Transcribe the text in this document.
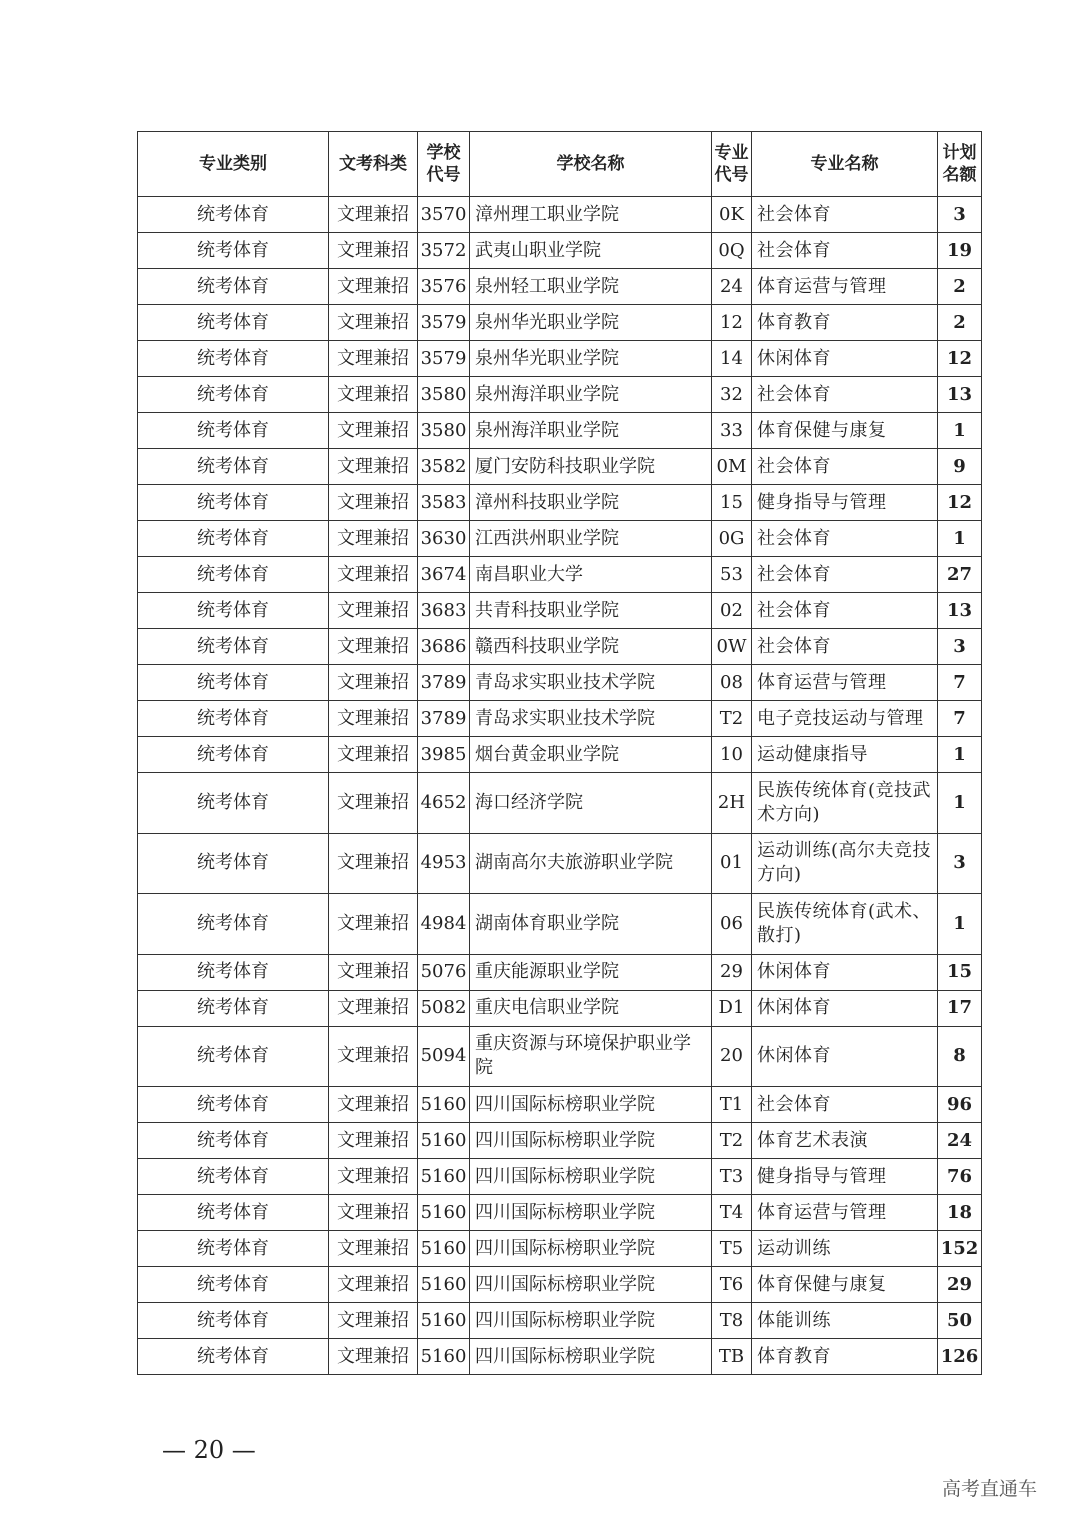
专业类别	文考科类	学校代号	学校名称	专业代号	专业名称	计划名额
统考体育	文理兼招	3570	漳州理工职业学院	0K	社会体育	3
统考体育	文理兼招	3572	武夷山职业学院	0Q	社会体育	19
统考体育	文理兼招	3576	泉州轻工职业学院	24	体育运营与管理	2
统考体育	文理兼招	3579	泉州华光职业学院	12	体育教育	2
统考体育	文理兼招	3579	泉州华光职业学院	14	休闲体育	12
统考体育	文理兼招	3580	泉州海洋职业学院	32	社会体育	13
统考体育	文理兼招	3580	泉州海洋职业学院	33	体育保健与康复	1
统考体育	文理兼招	3582	厦门安防科技职业学院	0M	社会体育	9
统考体育	文理兼招	3583	漳州科技职业学院	15	健身指导与管理	12
统考体育	文理兼招	3630	江西洪州职业学院	0G	社会体育	1
统考体育	文理兼招	3674	南昌职业大学	53	社会体育	27
统考体育	文理兼招	3683	共青科技职业学院	02	社会体育	13
统考体育	文理兼招	3686	赣西科技职业学院	0W	社会体育	3
统考体育	文理兼招	3789	青岛求实职业技术学院	08	体育运营与管理	7
统考体育	文理兼招	3789	青岛求实职业技术学院	T2	电子竞技运动与管理	7
统考体育	文理兼招	3985	烟台黄金职业学院	10	运动健康指导	1
统考体育	文理兼招	4652	海口经济学院	2H	民族传统体育(竞技武术方向)	1
统考体育	文理兼招	4953	湖南高尔夫旅游职业学院	01	运动训练(高尔夫竞技方向)	3
统考体育	文理兼招	4984	湖南体育职业学院	06	民族传统体育(武术、散打)	1
统考体育	文理兼招	5076	重庆能源职业学院	29	休闲体育	15
统考体育	文理兼招	5082	重庆电信职业学院	D1	休闲体育	17
统考体育	文理兼招	5094	重庆资源与环境保护职业学院	20	休闲体育	8
统考体育	文理兼招	5160	四川国际标榜职业学院	T1	社会体育	96
统考体育	文理兼招	5160	四川国际标榜职业学院	T2	体育艺术表演	24
统考体育	文理兼招	5160	四川国际标榜职业学院	T3	健身指导与管理	76
统考体育	文理兼招	5160	四川国际标榜职业学院	T4	体育运营与管理	18
统考体育	文理兼招	5160	四川国际标榜职业学院	T5	运动训练	152
统考体育	文理兼招	5160	四川国际标榜职业学院	T6	体育保健与康复	29
统考体育	文理兼招	5160	四川国际标榜职业学院	T8	体能训练	50
统考体育	文理兼招	5160	四川国际标榜职业学院	TB	体育教育	126
— 20 —
高考直通车
